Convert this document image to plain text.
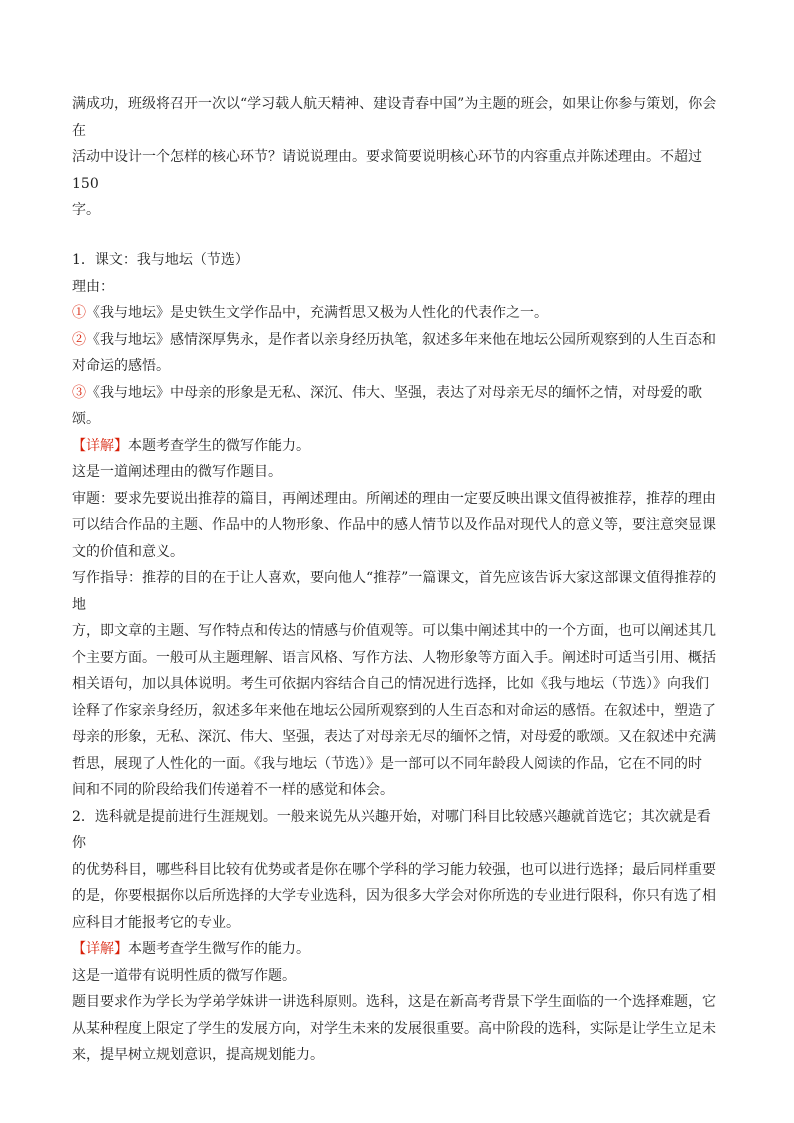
满成功，班级将召开一次以“学习载人航天精神、建设青春中国”为主题的班会，如果让你参与策划，你会在

活动中设计一个怎样的核心环节？请说说理由。要求简要说明核心环节的内容重点并陈述理由。不超过 150

字。

1．课文：我与地坛（节选）

理由：

①《我与地坛》是史铁生文学作品中，充满哲思又极为人性化的代表作之一。

②《我与地坛》感情深厚隽永，是作者以亲身经历执笔，叙述多年来他在地坛公园所观察到的人生百态和

对命运的感悟。

③《我与地坛》中母亲的形象是无私、深沉、伟大、坚强，表达了对母亲无尽的缅怀之情，对母爱的歌颂。

【详解】本题考查学生的微写作能力。

这是一道阐述理由的微写作题目。

审题：要求先要说出推荐的篇目，再阐述理由。所阐述的理由一定要反映出课文值得被推荐，推荐的理由

可以结合作品的主题、作品中的人物形象、作品中的感人情节以及作品对现代人的意义等，要注意突显课

文的价值和意义。

写作指导：推荐的目的在于让人喜欢，要向他人“推荐”一篇课文，首先应该告诉大家这部课文值得推荐的地

方，即文章的主题、写作特点和传达的情感与价值观等。可以集中阐述其中的一个方面，也可以阐述其几

个主要方面。一般可从主题理解、语言风格、写作方法、人物形象等方面入手。阐述时可适当引用、概括

相关语句，加以具体说明。考生可依据内容结合自己的情况进行选择，比如《我与地坛（节选）》向我们

诠释了作家亲身经历，叙述多年来他在地坛公园所观察到的人生百态和对命运的感悟。在叙述中，塑造了

母亲的形象，无私、深沉、伟大、坚强，表达了对母亲无尽的缅怀之情，对母爱的歌颂。又在叙述中充满

哲思，展现了人性化的一面。《我与地坛（节选）》是一部可以不同年龄段人阅读的作品，它在不同的时

间和不同的阶段给我们传递着不一样的感觉和体会。

2．选科就是提前进行生涯规划。一般来说先从兴趣开始，对哪门科目比较感兴趣就首选它；其次就是看你

的优势科目，哪些科目比较有优势或者是你在哪个学科的学习能力较强，也可以进行选择；最后同样重要

的是，你要根据你以后所选择的大学专业选科，因为很多大学会对你所选的专业进行限科，你只有选了相

应科目才能报考它的专业。

【详解】本题考查学生微写作的能力。

这是一道带有说明性质的微写作题。

题目要求作为学长为学弟学妹讲一讲选科原则。选科，这是在新高考背景下学生面临的一个选择难题，它

从某种程度上限定了学生的发展方向，对学生未来的发展很重要。高中阶段的选科，实际是让学生立足未

来，提早树立规划意识，提高规划能力。
